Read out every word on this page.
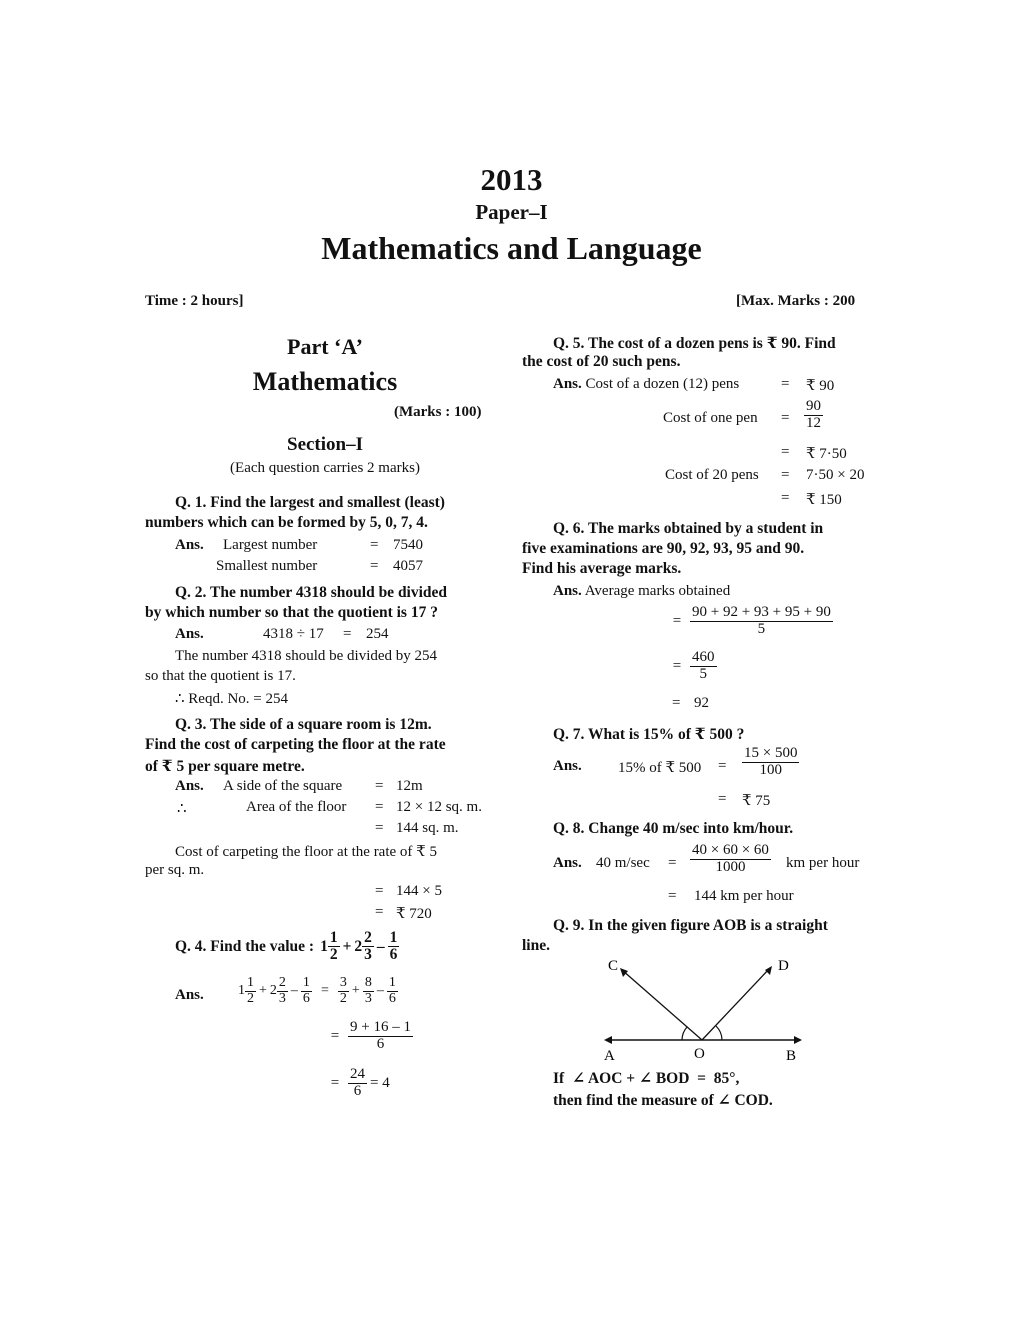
2013
Paper–I
Mathematics and Language
Time : 2 hours]	[Max. Marks : 200
Part ‘A’
Mathematics
(Marks : 100)
Section–I
(Each question carries 2 marks)
Q. 1. Find the largest and smallest (least)
numbers which can be formed by 5, 0, 7, 4.
Ans. Largest number	= 7540
Smallest number	= 4057
Q. 2. The number 4318 should be divided
by which number so that the quotient is 17 ?
Ans.	4318 ÷ 17 = 254
The number 4318 should be divided by 254
so that the quotient is 17.
∴ Reqd. No. = 254
Q. 3. The side of a square room is 12m.
Find the cost of carpeting the floor at the rate
of ₹ 5 per square metre.
Ans. A side of the square = 12m
∴	Area of the floor = 12 × 12 sq. m.
= 144 sq. m.
Cost of carpeting the floor at the rate of ₹ 5
per sq. m.
= 144 × 5
= ₹ 720
Q. 4. Find the value : 1
1
2 + 2
2
3 –
1
6
Ans. 1
1
2 + 2
2
$3 - \frac{1}{6} = \frac{3}{2} + \frac{8}{3}$ –
1
6
= $\frac{9 + 16 - 1}{6}$
= $\frac{24}{6} = 4$
Q. 5. The cost of a dozen pens is ₹ 90. Find
the cost of 20 such pens.
Ans. Cost of a dozen (12) pens	= ₹ 90
Cost of one pen = $\frac{90}{12}$
= ₹ 7·50
Cost of 20 pens = 7·50 × 20
= ₹ 150
Q. 6. The marks obtained by a student in
five examinations are 90, 92, 93, 95 and 90.
Find his average marks.
Ans. Average marks obtained
= $\frac{90 + 92 + 93 + 95 + 90}{5}$
= $\frac{460}{5}$
= 92
Q. 7. What is 15% of ₹ 500 ?
Ans. 15% of ₹ $500 = \frac{15 \times 500}{100}$
= ₹ 75
Q. 8. Change 40 m/sec into km/hour.
Ans. 40 $m/\sec = \frac{40 \times 60 \times 60}{1000}$ km per hour
= 144 km per hour
Q. 9. In the given figure AOB is a straight
line.
C	D
A	O	B
If  ∠ AOC + ∠ BOD  =  85°,
then find the measure of ∠ COD.
